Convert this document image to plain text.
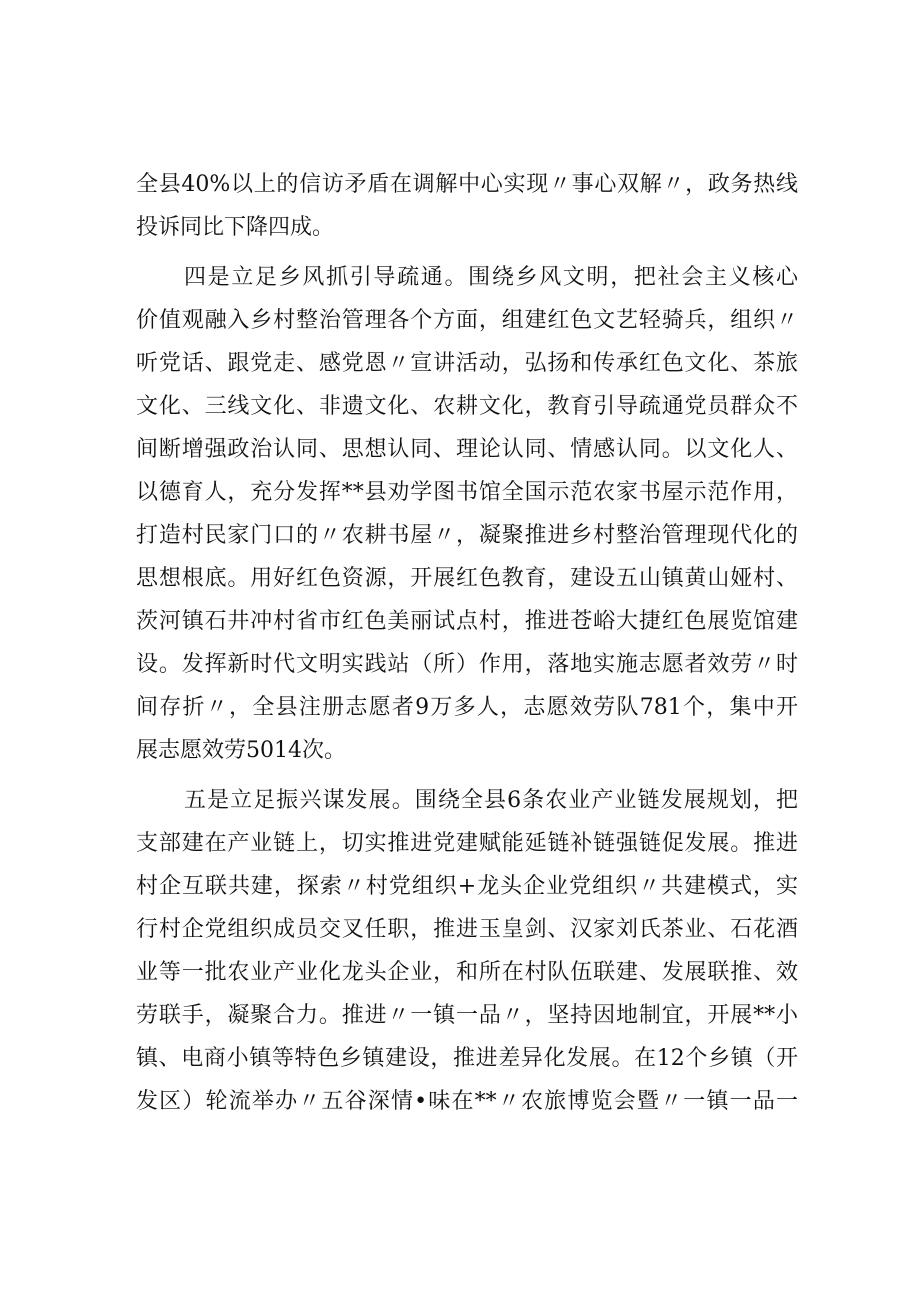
全县40%以上的信访矛盾在调解中心实现〃事心双解〃，政务热线
投诉同比下降四成。
四是立足乡风抓引导疏通。围绕乡风文明，把社会主义核心
价值观融入乡村整治管理各个方面，组建红色文艺轻骑兵，组织〃
听党话、跟党走、感党恩〃宣讲活动，弘扬和传承红色文化、茶旅
文化、三线文化、非遗文化、农耕文化，教育引导疏通党员群众不
间断增强政治认同、思想认同、理论认同、情感认同。以文化人、
以德育人，充分发挥**县劝学图书馆全国示范农家书屋示范作用，
打造村民家门口的〃农耕书屋〃，凝聚推进乡村整治管理现代化的
思想根底。用好红色资源，开展红色教育，建设五山镇黄山娅村、
茨河镇石井冲村省市红色美丽试点村，推进苍峪大捷红色展览馆建
设。发挥新时代文明实践站（所）作用，落地实施志愿者效劳〃时
间存折〃，全县注册志愿者9万多人，志愿效劳队781个，集中开
展志愿效劳5014次。
五是立足振兴谋发展。围绕全县6条农业产业链发展规划，把
支部建在产业链上，切实推进党建赋能延链补链强链促发展。推进
村企互联共建，探索〃村党组织+龙头企业党组织〃共建模式，实
行村企党组织成员交叉任职，推进玉皇剑、汉家刘氏茶业、石花酒
业等一批农业产业化龙头企业，和所在村队伍联建、发展联推、效
劳联手，凝聚合力。推进〃一镇一品〃，坚持因地制宜，开展**小
镇、电商小镇等特色乡镇建设，推进差异化发展。在12个乡镇（开
发区）轮流举办〃五谷深情•味在**〃农旅博览会暨〃一镇一品一
